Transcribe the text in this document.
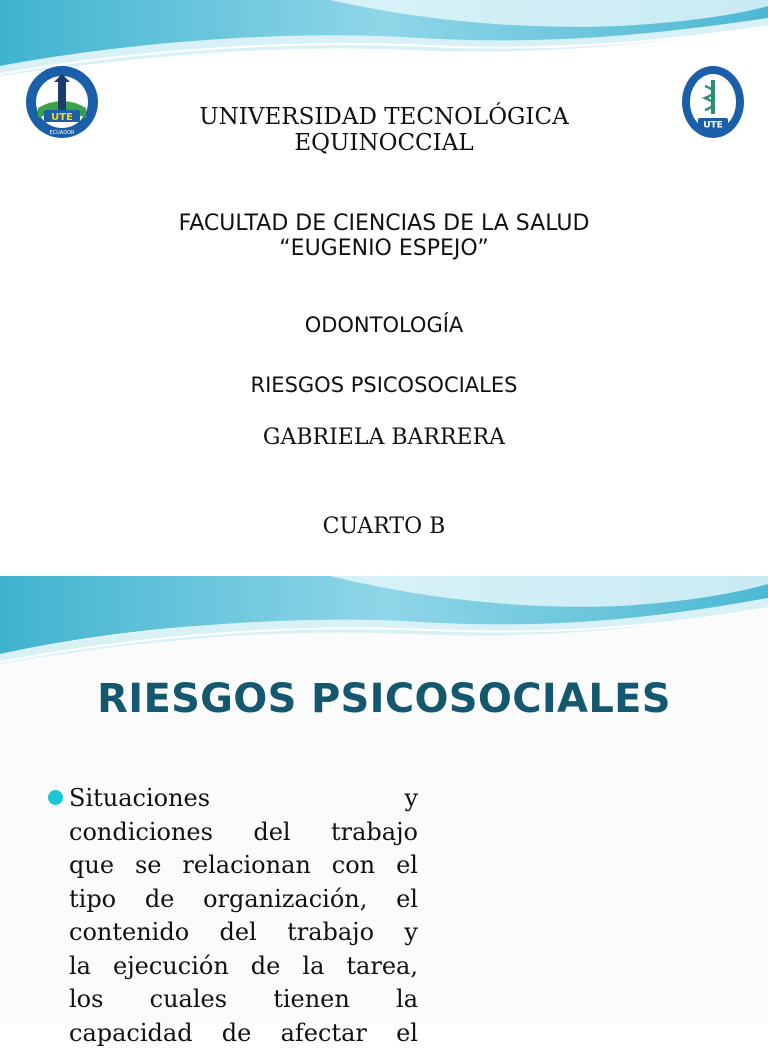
UTE
ECUADOR
UTE
UNIVERSIDAD TECNOLÓGICA
EQUINOCCIAL
FACULTAD DE CIENCIAS DE LA SALUD
“EUGENIO ESPEJO”
ODONTOLOGÍA
RIESGOS PSICOSOCIALES
GABRIELA BARRERA
CUARTO B
RIESGOS PSICOSOCIALES
Situaciones	y
condiciones del trabajo
que se relacionan con el
tipo de organización, el
contenido del trabajo y
la ejecución de la tarea,
los cuales tienen la
capacidad de afectar el
